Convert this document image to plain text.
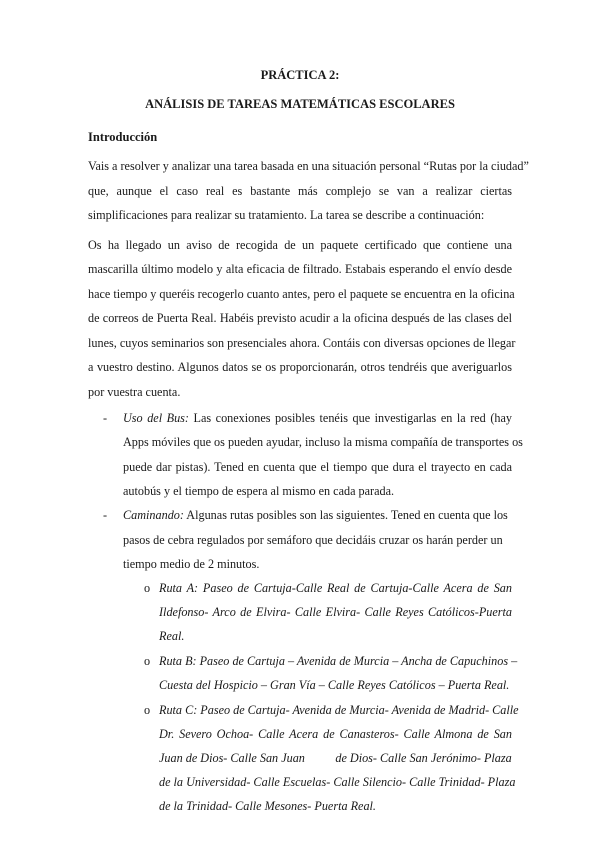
PRÁCTICA 2:
ANÁLISIS DE TAREAS MATEMÁTICAS ESCOLARES
Introducción
Vais a resolver y analizar una tarea basada en una situación personal “Rutas por la ciudad”
que, aunque el caso real es bastante más complejo se van a realizar ciertas
simplificaciones para realizar su tratamiento. La tarea se describe a continuación:
Os ha llegado un aviso de recogida de un paquete certificado que contiene una
mascarilla último modelo y alta eficacia de filtrado. Estabais esperando el envío desde
hace tiempo y queréis recogerlo cuanto antes, pero el paquete se encuentra en la oficina
de correos de Puerta Real. Habéis previsto acudir a la oficina después de las clases del
lunes, cuyos seminarios son presenciales ahora. Contáis con diversas opciones de llegar
a vuestro destino. Algunos datos se os proporcionarán, otros tendréis que averiguarlos
por vuestra cuenta.
- Uso del Bus: Las conexiones posibles tenéis que investigarlas en la red (hay
Apps móviles que os pueden ayudar, incluso la misma compañía de transportes os
puede dar pistas). Tened en cuenta que el tiempo que dura el trayecto en cada
autobús y el tiempo de espera al mismo en cada parada.
- Caminando: Algunas rutas posibles son las siguientes. Tened en cuenta que los
pasos de cebra regulados por semáforo que decidáis cruzar os harán perder un
tiempo medio de 2 minutos.
o Ruta A: Paseo de Cartuja-Calle Real de Cartuja-Calle Acera de San
Ildefonso- Arco de Elvira- Calle Elvira- Calle Reyes Católicos-Puerta
Real.
o Ruta B: Paseo de Cartuja – Avenida de Murcia – Ancha de Capuchinos –
Cuesta del Hospicio – Gran Vía – Calle Reyes Católicos – Puerta Real.
o Ruta C: Paseo de Cartuja- Avenida de Murcia- Avenida de Madrid- Calle
Dr. Severo Ochoa- Calle Acera de Canasteros- Calle Almona de San
Juan de Dios- Calle San Juan          de Dios- Calle San Jerónimo- Plaza
de la Universidad- Calle Escuelas- Calle Silencio- Calle Trinidad- Plaza
de la Trinidad- Calle Mesones- Puerta Real.
